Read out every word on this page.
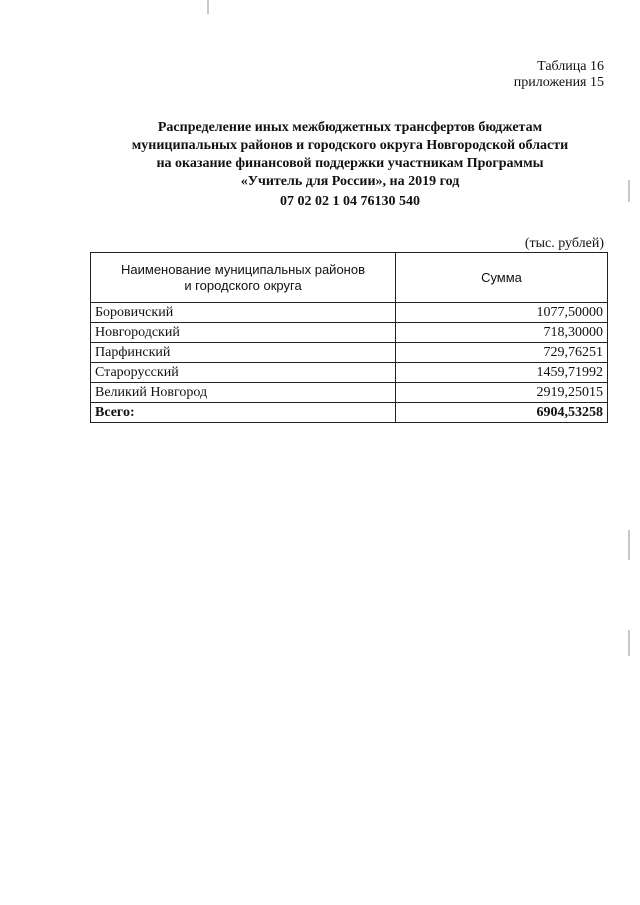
Таблица 16
приложения 15
Распределение иных межбюджетных трансфертов бюджетам
муниципальных районов и городского округа Новгородской области
на оказание финансовой поддержки участникам Программы
«Учитель для России», на 2019 год
07 02 02 1 04 76130 540
(тыс. рублей)
Наименование муниципальных районов
и городского округа	Сумма
Боровичский	1077,50000
Новгородский	718,30000
Парфинский	729,76251
Старорусский	1459,71992
Великий Новгород	2919,25015
Всего:	6904,53258
